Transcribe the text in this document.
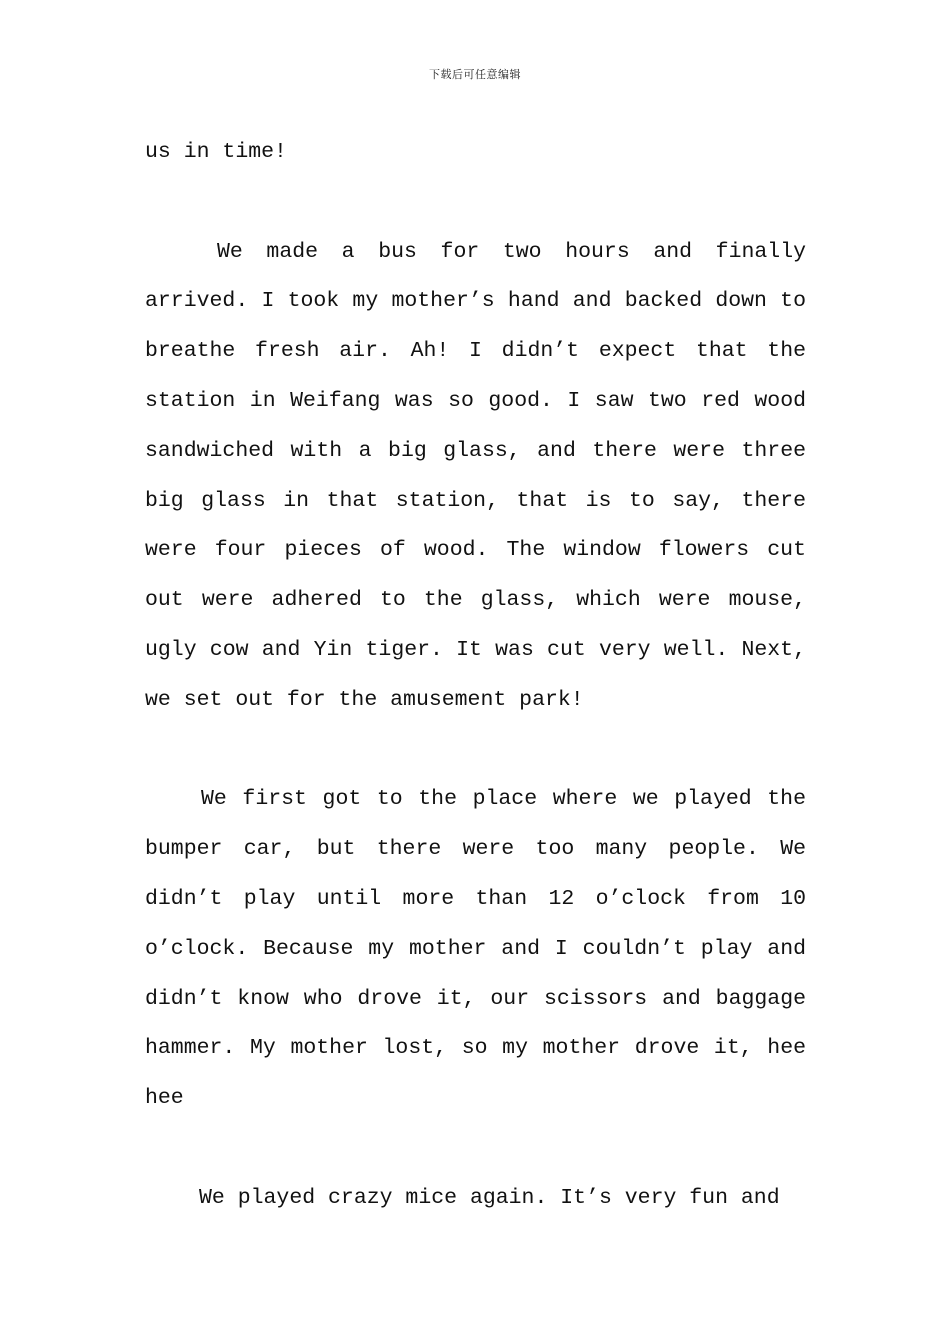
下载后可任意编辑

us in time!

We made a bus for two hours and finally arrived. I took my mother’s hand and backed down to breathe fresh air. Ah! I didn’t expect that the station in Weifang was so good. I saw two red wood sandwiched with a big glass, and there were three big glass in that station, that is to say, there were four pieces of wood. The window flowers cut out were adhered to the glass, which were mouse, ugly cow and Yin tiger. It was cut very well. Next, we set out for the amusement park!

We first got to the place where we played the bumper car, but there were too many people. We didn’t play until more than 12 o’clock from 10 o’clock. Because my mother and I couldn’t play and didn’t know who drove it, our scissors and baggage hammer. My mother lost, so my mother drove it, hee hee

We played crazy mice again. It’s very fun and
